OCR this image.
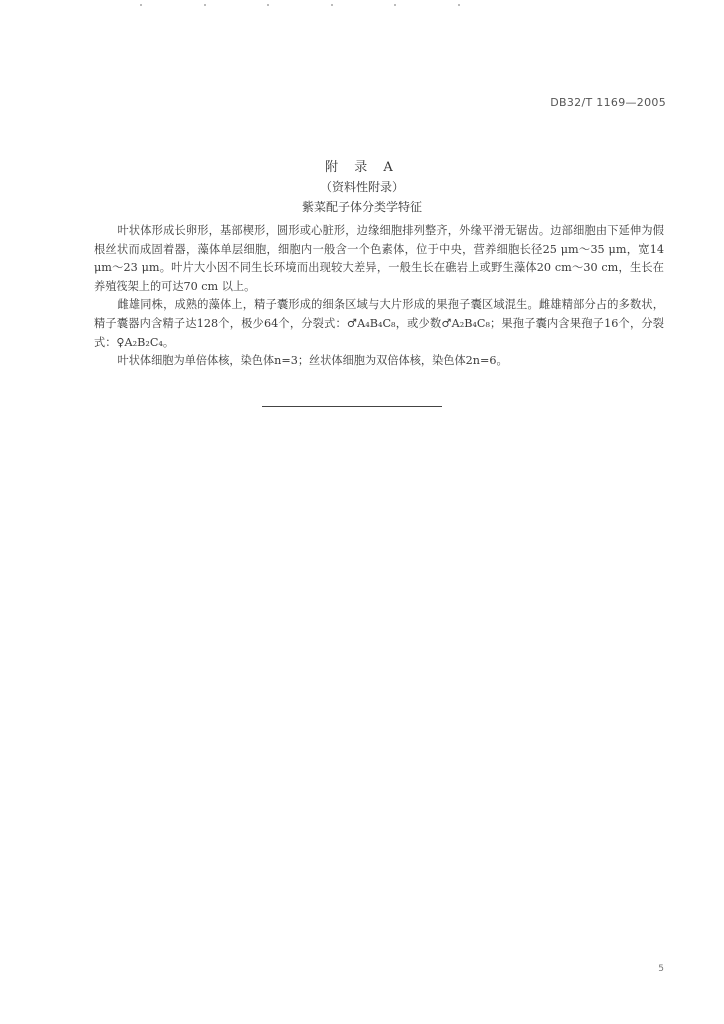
DB32/T 1169—2005

附 录 A

（资料性附录）

紫菜配子体分类学特征

叶状体形成长卵形，基部楔形，圆形或心脏形，边缘细胞排列整齐，外缘平滑无锯齿。边部细胞由下延伸为假根丝状而成固着器，藻体单层细胞，细胞内一般含一个色素体，位于中央，营养细胞长径25 μm～35 μm，宽14 μm～23 μm。叶片大小因不同生长环境而出现较大差异，一般生长在礁岩上或野生藻体20 cm～30 cm，生长在养殖筏架上的可达70 cm 以上。

雌雄同株，成熟的藻体上，精子囊形成的细条区域与大片形成的果孢子囊区域混生。雌雄精部分占的多数状，精子囊器内含精子达128个，极少64个，分裂式：♂A₄B₄C₈，或少数♂A₂B₄C₈；果孢子囊内含果孢子16个，分裂式：♀A₂B₂C₄。

叶状体细胞为单倍体核，染色体n=3；丝状体细胞为双倍体核，染色体2n=6。

5
